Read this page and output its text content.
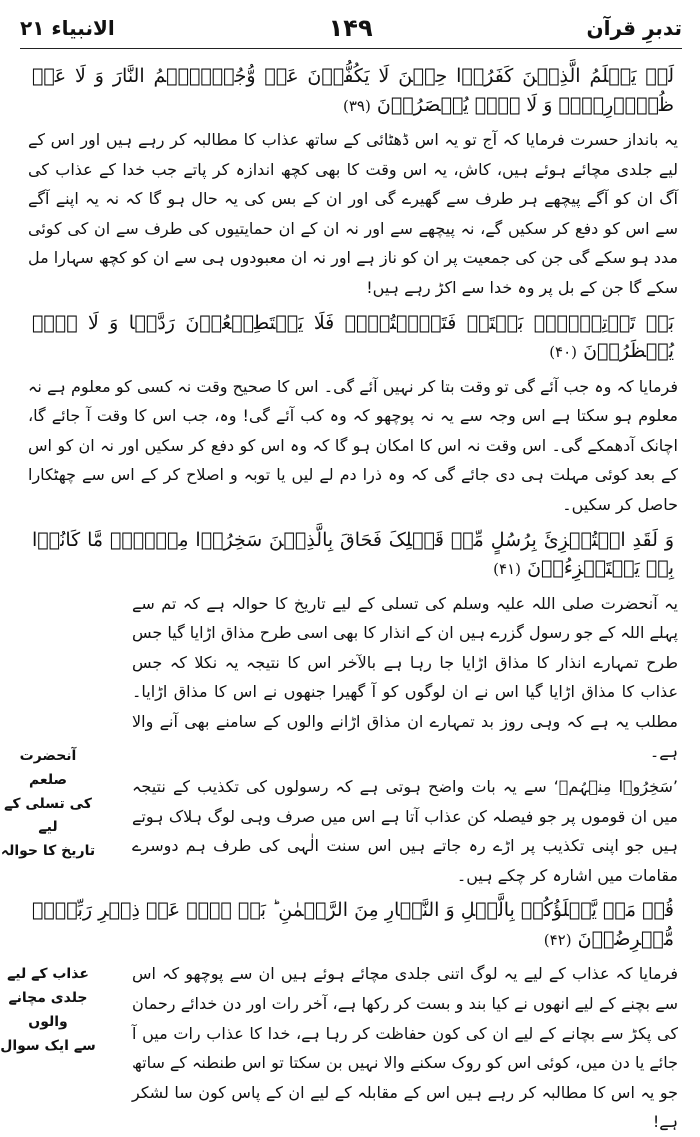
الانبیاء ۲۱	۱۴۹	تدبرِ قرآن
آنحضرت صلعم
کی تسلی کے لیے
تاریخ کا حوالہ
لَوۡ یَعۡلَمُ الَّذِیۡنَ کَفَرُوۡا حِیۡنَ لَا یَکُفُّوۡنَ عَنۡ وُّجُوۡہِہِمُ النَّارَ وَ لَا عَنۡ ظُہُوۡرِہِمۡ وَ لَا ہُمۡ یُنۡصَرُوۡنَ (۳۹)

یہ بانداز حسرت فرمایا کہ آج تو یہ اس ڈھٹائی کے ساتھ عذاب کا مطالبہ کر رہے ہیں اور اس کے لیے جلدی مچائے ہوئے ہیں، کاش، یہ اس وقت کا بھی کچھ اندازہ کر پاتے جب خدا کے عذاب کی آگ ان کو آگے پیچھے ہر طرف سے گھیرے گی اور ان کے بس کی یہ حال ہو گا کہ نہ یہ اپنے آگے سے اس کو دفع کر سکیں گے، نہ پیچھے سے اور نہ ان کے ان حمایتیوں کی طرف سے ان کی کوئی مدد ہو سکے گی جن کی جمعیت پر ان کو ناز ہے اور نہ ان معبودوں ہی سے ان کو کچھ سہارا مل سکے گا جن کے بل پر وہ خدا سے اکڑ رہے ہیں!

بَلۡ تَاۡتِیۡہِمۡ بَغۡتَۃً فَتَبۡہَتُہُمۡ فَلَا یَسۡتَطِیۡعُوۡنَ رَدَّہَا وَ لَا ہُمۡ یُنۡظَرُوۡنَ (۴۰)

فرمایا کہ وہ جب آئے گی تو وقت بتا کر نہیں آئے گی۔ اس کا صحیح وقت نہ کسی کو معلوم ہے نہ معلوم ہو سکتا ہے اس وجہ سے یہ نہ پوچھو کہ وہ کب آئے گی! وہ، جب اس کا وقت آ جائے گا، اچانک آدھمکے گی۔ اس وقت نہ اس کا امکان ہو گا کہ وہ اس کو دفع کر سکیں اور نہ ان کو اس کے بعد کوئی مہلت ہی دی جائے گی کہ وہ ذرا دم لے لیں یا توبہ و اصلاح کر کے اس سے چھٹکارا حاصل کر سکیں۔

وَ لَقَدِ اسۡتُہۡزِئَ بِرُسُلٍ مِّنۡ قَبۡلِکَ فَحَاقَ بِالَّذِیۡنَ سَخِرُوۡا مِنۡہُمۡ مَّا کَانُوۡا بِہٖ یَسۡتَہۡزِءُوۡنَ (۴۱)

یہ آنحضرت صلی اللہ علیہ وسلم کی تسلی کے لیے تاریخ کا حوالہ ہے کہ تم سے پہلے اللہ کے جو رسول گزرے ہیں ان کے انذار کا بھی اسی طرح مذاق اڑایا گیا جس طرح تمہارے انذار کا مذاق اڑایا جا رہا ہے بالآخر اس کا نتیجہ یہ نکلا کہ جس عذاب کا مذاق اڑایا گیا اس نے ان لوگوں کو آ گھیرا جنھوں نے اس کا مذاق اڑایا۔ مطلب یہ ہے کہ وہی روز بد تمہارے ان مذاق اڑانے والوں کے سامنے بھی آنے والا ہے۔

’سَخِرُوۡا مِنۡہُمۡ‘ سے یہ بات واضح ہوتی ہے کہ رسولوں کی تکذیب کے نتیجہ میں ان قوموں پر جو فیصلہ کن عذاب آتا ہے اس میں صرف وہی لوگ ہلاک ہوتے ہیں جو اپنی تکذیب پر اڑے رہ جاتے ہیں اس سنت الٰہی کی طرف ہم دوسرے مقامات میں اشارہ کر چکے ہیں۔

قُلۡ مَنۡ یَّکۡلَؤُکُمۡ بِالَّیۡلِ وَ النَّہَارِ مِنَ الرَّحۡمٰنِ ؕ بَلۡ ہُمۡ عَنۡ ذِکۡرِ رَبِّہِمۡ مُّعۡرِضُوۡنَ (۴۲)
عذاب کے لیے
جلدی مچانے والوں
سے ایک سوال

فرمایا کہ عذاب کے لیے یہ لوگ اتنی جلدی مچائے ہوئے ہیں ان سے پوچھو کہ اس سے بچنے کے لیے انھوں نے کیا بند و بست کر رکھا ہے، آخر رات اور دن خدائے رحمان کی پکڑ سے بچانے کے لیے ان کی کون حفاظت کر رہا ہے، خدا کا عذاب رات میں آ جائے یا دن میں، کوئی اس کو روک سکنے والا نہیں بن سکتا تو اس طنطنہ کے ساتھ جو یہ اس کا مطالبہ کر رہے ہیں اس کے مقابلہ کے لیے ان کے پاس کون سا لشکر ہے!
